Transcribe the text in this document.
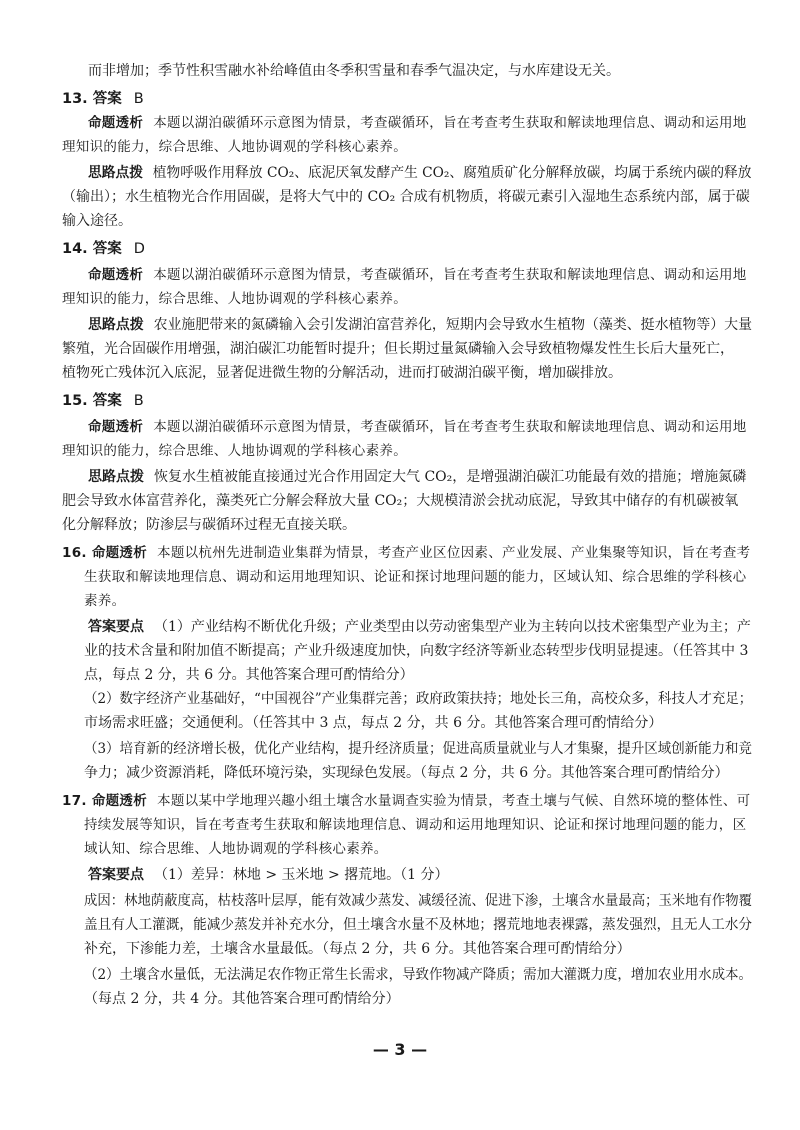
而非增加；季节性积雪融水补给峰值由冬季积雪量和春季气温决定，与水库建设无关。
13. 答案 B
命题透析 本题以湖泊碳循环示意图为情景，考查碳循环，旨在考查考生获取和解读地理信息、调动和运用地
理知识的能力，综合思维、人地协调观的学科核心素养。
思路点拨 植物呼吸作用释放 CO₂、底泥厌氧发酵产生 CO₂、腐殖质矿化分解释放碳，均属于系统内碳的释放
（输出）；水生植物光合作用固碳，是将大气中的 CO₂ 合成有机物质，将碳元素引入湿地生态系统内部，属于碳
输入途径。
14. 答案 D
命题透析 本题以湖泊碳循环示意图为情景，考查碳循环，旨在考查考生获取和解读地理信息、调动和运用地
理知识的能力，综合思维、人地协调观的学科核心素养。
思路点拨 农业施肥带来的氮磷输入会引发湖泊富营养化，短期内会导致水生植物（藻类、挺水植物等）大量
繁殖，光合固碳作用增强，湖泊碳汇功能暂时提升；但长期过量氮磷输入会导致植物爆发性生长后大量死亡，
植物死亡残体沉入底泥，显著促进微生物的分解活动，进而打破湖泊碳平衡，增加碳排放。
15. 答案 B
命题透析 本题以湖泊碳循环示意图为情景，考查碳循环，旨在考查考生获取和解读地理信息、调动和运用地
理知识的能力，综合思维、人地协调观的学科核心素养。
思路点拨 恢复水生植被能直接通过光合作用固定大气 CO₂，是增强湖泊碳汇功能最有效的措施；增施氮磷
肥会导致水体富营养化，藻类死亡分解会释放大量 CO₂；大规模清淤会扰动底泥，导致其中储存的有机碳被氧
化分解释放；防渗层与碳循环过程无直接关联。
16. 命题透析 本题以杭州先进制造业集群为情景，考查产业区位因素、产业发展、产业集聚等知识，旨在考查考
生获取和解读地理信息、调动和运用地理知识、论证和探讨地理问题的能力，区域认知、综合思维的学科核心
素养。
答案要点 （1）产业结构不断优化升级；产业类型由以劳动密集型产业为主转向以技术密集型产业为主；产
业的技术含量和附加值不断提高；产业升级速度加快，向数字经济等新业态转型步伐明显提速。（任答其中 3
点，每点 2 分，共 6 分。其他答案合理可酌情给分）
（2）数字经济产业基础好，“中国视谷”产业集群完善；政府政策扶持；地处长三角，高校众多，科技人才充足；
市场需求旺盛；交通便利。（任答其中 3 点，每点 2 分，共 6 分。其他答案合理可酌情给分）
（3）培育新的经济增长极，优化产业结构，提升经济质量；促进高质量就业与人才集聚，提升区域创新能力和竞
争力；减少资源消耗，降低环境污染，实现绿色发展。（每点 2 分，共 6 分。其他答案合理可酌情给分）
17. 命题透析 本题以某中学地理兴趣小组土壤含水量调查实验为情景，考查土壤与气候、自然环境的整体性、可
持续发展等知识，旨在考查考生获取和解读地理信息、调动和运用地理知识、论证和探讨地理问题的能力，区
域认知、综合思维、人地协调观的学科核心素养。
答案要点 （1）差异：林地 > 玉米地 > 撂荒地。（1 分）
成因：林地荫蔽度高，枯枝落叶层厚，能有效减少蒸发、减缓径流、促进下渗，土壤含水量最高；玉米地有作物覆
盖且有人工灌溉，能减少蒸发并补充水分，但土壤含水量不及林地；撂荒地地表裸露，蒸发强烈，且无人工水分
补充，下渗能力差，土壤含水量最低。（每点 2 分，共 6 分。其他答案合理可酌情给分）
（2）土壤含水量低，无法满足农作物正常生长需求，导致作物减产降质；需加大灌溉力度，增加农业用水成本。
（每点 2 分，共 4 分。其他答案合理可酌情给分）
— 3 —
